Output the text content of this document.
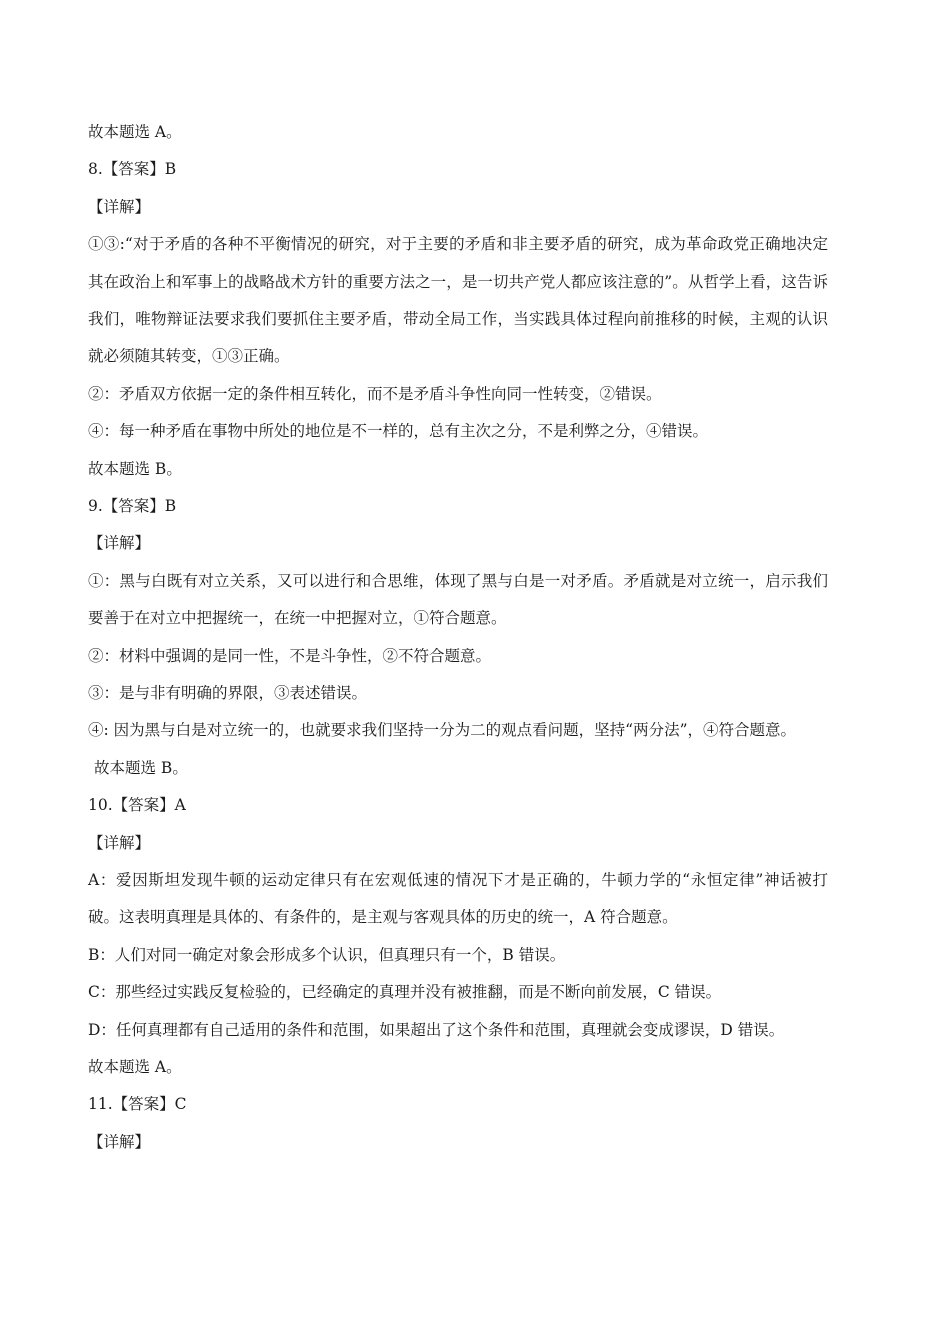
故本题选 A。
8.【答案】B
【详解】
①③:“对于矛盾的各种不平衡情况的研究，对于主要的矛盾和非主要矛盾的研究，成为革命政党正确地决定其在政治上和军事上的战略战术方针的重要方法之一，是一切共产党人都应该注意的”。从哲学上看，这告诉我们，唯物辩证法要求我们要抓住主要矛盾，带动全局工作，当实践具体过程向前推移的时候，主观的认识就必须随其转变，①③正确。
②：矛盾双方依据一定的条件相互转化，而不是矛盾斗争性向同一性转变，②错误。
④：每一种矛盾在事物中所处的地位是不一样的，总有主次之分，不是利弊之分，④错误。
故本题选 B。
9.【答案】B
【详解】
①：黑与白既有对立关系，又可以进行和合思维，体现了黑与白是一对矛盾。矛盾就是对立统一，启示我们要善于在对立中把握统一，在统一中把握对立，①符合题意。
②：材料中强调的是同一性，不是斗争性，②不符合题意。
③：是与非有明确的界限，③表述错误。
④: 因为黑与白是对立统一的，也就要求我们坚持一分为二的观点看问题，坚持“两分法”，④符合题意。
故本题选 B。
10.【答案】A
【详解】
A：爱因斯坦发现牛顿的运动定律只有在宏观低速的情况下才是正确的，牛顿力学的“永恒定律”神话被打破。这表明真理是具体的、有条件的，是主观与客观具体的历史的统一，A 符合题意。
B：人们对同一确定对象会形成多个认识，但真理只有一个，B 错误。
C：那些经过实践反复检验的，已经确定的真理并没有被推翻，而是不断向前发展，C 错误。
D：任何真理都有自己适用的条件和范围，如果超出了这个条件和范围，真理就会变成谬误，D 错误。
故本题选 A。
11.【答案】C
【详解】
